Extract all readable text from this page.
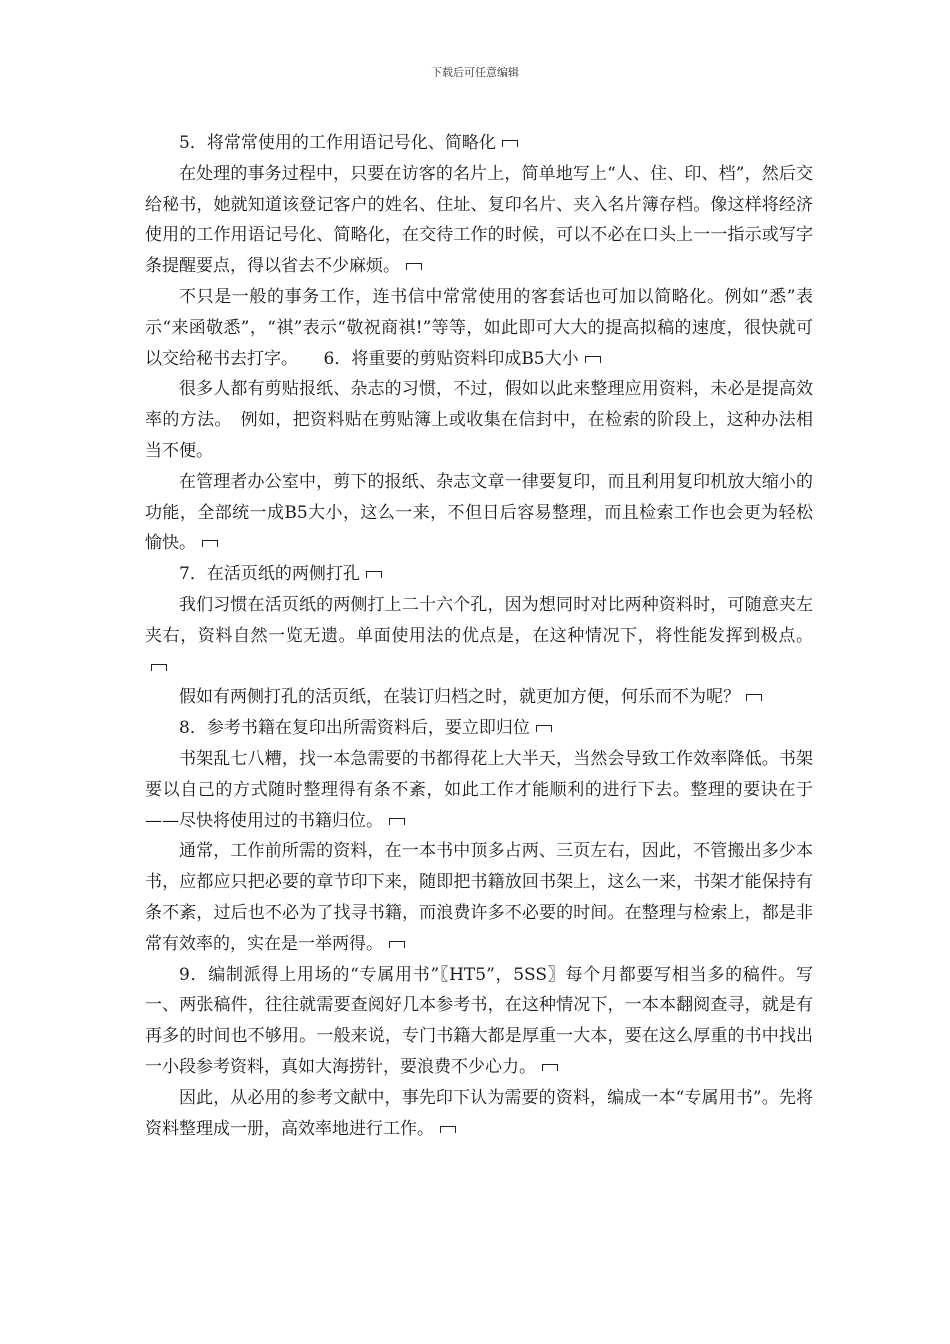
下载后可任意编辑

5．将常常使用的工作用语记号化、简略化

在处理的事务过程中，只要在访客的名片上，简单地写上“人、住、印、档”，然后交给秘书，她就知道该登记客户的姓名、住址、复印名片、夹入名片簿存档。像这样将经济使用的工作用语记号化、简略化，在交待工作的时候，可以不必在口头上一一指示或写字条提醒要点，得以省去不少麻烦。

不只是一般的事务工作，连书信中常常使用的客套话也可加以简略化。例如“悉”表示“来函敬悉”，“祺”表示“敬祝商祺!”等等，如此即可大大的提高拟稿的速度，很快就可以交给秘书去打字。　　6．将重要的剪贴资料印成B5大小

很多人都有剪贴报纸、杂志的习惯，不过，假如以此来整理应用资料，未必是提高效率的方法。　例如，把资料贴在剪贴簿上或收集在信封中，在检索的阶段上，这种办法相当不便。

在管理者办公室中，剪下的报纸、杂志文章一律要复印，而且利用复印机放大缩小的功能，全部统一成B5大小，这么一来，不但日后容易整理，而且检索工作也会更为轻松愉快。

7．在活页纸的两侧打孔

我们习惯在活页纸的两侧打上二十六个孔，因为想同时对比两种资料时，可随意夹左夹右，资料自然一览无遗。单面使用法的优点是，在这种情况下，将性能发挥到极点。

假如有两侧打孔的活页纸，在装订归档之时，就更加方便，何乐而不为呢？

8．参考书籍在复印出所需资料后，要立即归位

书架乱七八糟，找一本急需要的书都得花上大半天，当然会导致工作效率降低。书架要以自己的方式随时整理得有条不紊，如此工作才能顺利的进行下去。整理的要诀在于——尽快将使用过的书籍归位。

通常，工作前所需的资料，在一本书中顶多占两、三页左右，因此，不管搬出多少本书，应都应只把必要的章节印下来，随即把书籍放回书架上，这么一来，书架才能保持有条不紊，过后也不必为了找寻书籍，而浪费许多不必要的时间。在整理与检索上，都是非常有效率的，实在是一举两得。

9．编制派得上用场的“专属用书”〖HT5”，5SS〗每个月都要写相当多的稿件。写一、两张稿件，往往就需要查阅好几本参考书，在这种情况下，一本本翻阅查寻，就是有再多的时间也不够用。一般来说，专门书籍大都是厚重一大本，要在这么厚重的书中找出一小段参考资料，真如大海捞针，要浪费不少心力。

因此，从必用的参考文献中，事先印下认为需要的资料，编成一本“专属用书”。先将资料整理成一册，高效率地进行工作。
